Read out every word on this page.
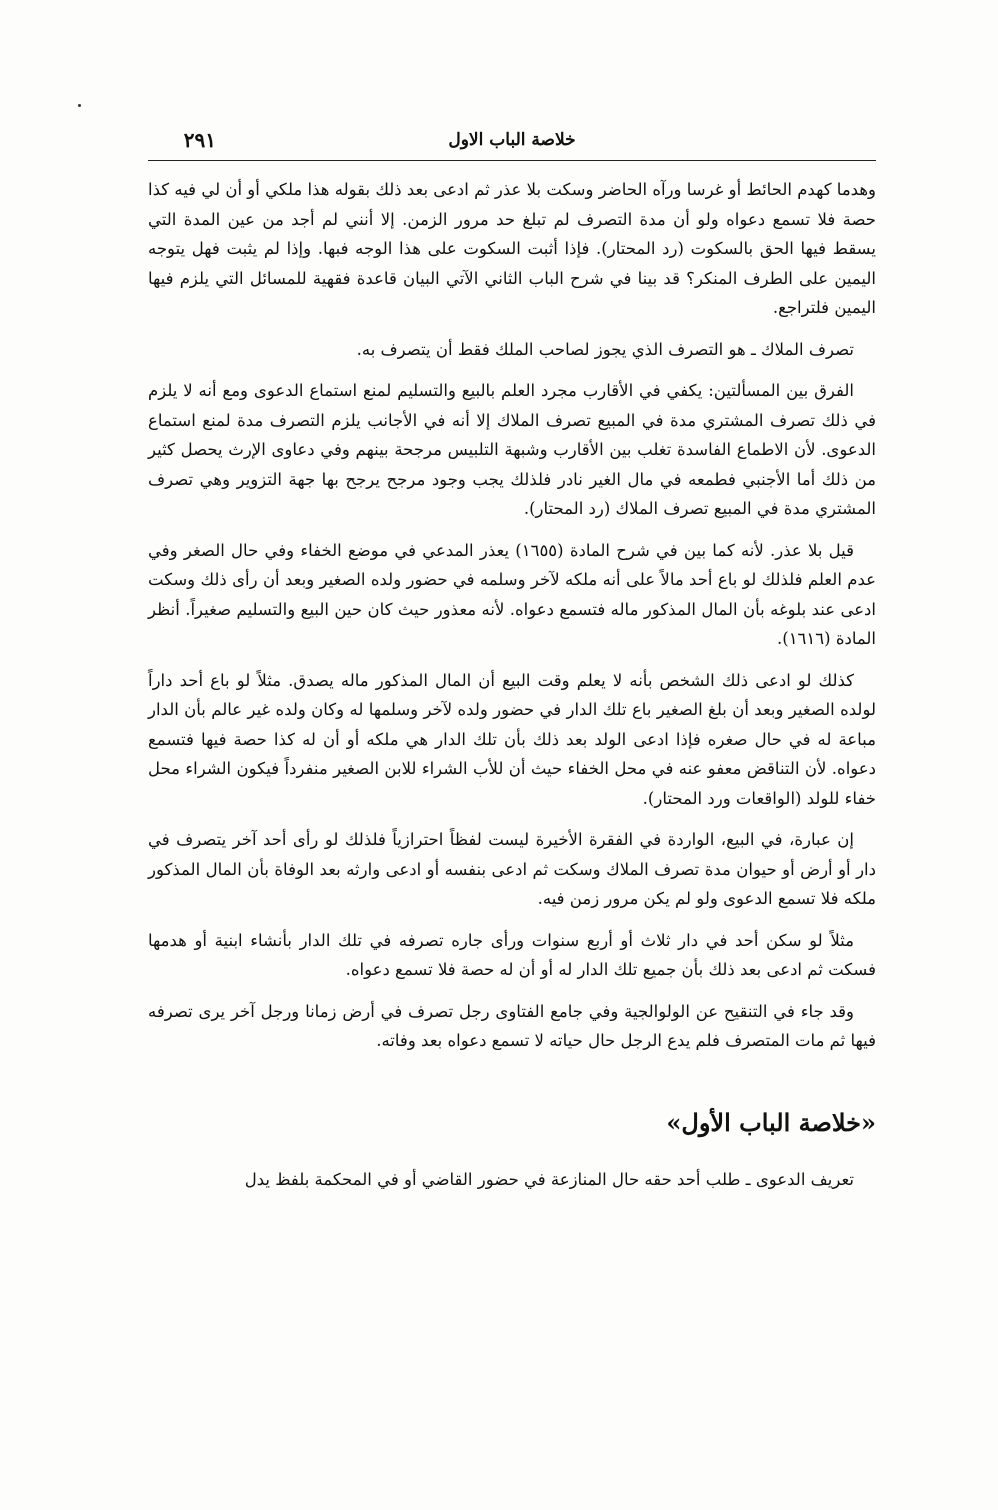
خلاصة الباب الاول
٢٩١

وهدما كهدم الحائط أو غرسا ورآه الحاضر وسكت بلا عذر ثم ادعى بعد ذلك بقوله هذا ملكي أو أن لي فيه كذا حصة فلا تسمع دعواه ولو أن مدة التصرف لم تبلغ حد مرور الزمن. إلا أنني لم أجد من عين المدة التي يسقط فيها الحق بالسكوت (رد المحتار). فإذا أثبت السكوت على هذا الوجه فبها. وإذا لم يثبت فهل يتوجه اليمين على الطرف المنكر؟ قد بينا في شرح الباب الثاني الآتي البيان قاعدة فقهية للمسائل التي يلزم فيها اليمين فلتراجع.

تصرف الملاك ـ هو التصرف الذي يجوز لصاحب الملك فقط أن يتصرف به.

الفرق بين المسألتين: يكفي في الأقارب مجرد العلم بالبيع والتسليم لمنع استماع الدعوى ومع أنه لا يلزم في ذلك تصرف المشتري مدة في المبيع تصرف الملاك إلا أنه في الأجانب يلزم التصرف مدة لمنع استماع الدعوى. لأن الاطماع الفاسدة تغلب بين الأقارب وشبهة التلبيس مرجحة بينهم وفي دعاوى الإرث يحصل كثير من ذلك أما الأجنبي فطمعه في مال الغير نادر فلذلك يجب وجود مرجح يرجح بها جهة التزوير وهي تصرف المشتري مدة في المبيع تصرف الملاك (رد المحتار).

قيل بلا عذر. لأنه كما بين في شرح المادة (١٦٥٥) يعذر المدعي في موضع الخفاء وفي حال الصغر وفي عدم العلم فلذلك لو باع أحد مالاً على أنه ملكه لآخر وسلمه في حضور ولده الصغير وبعد أن رأى ذلك وسكت ادعى عند بلوغه بأن المال المذكور ماله فتسمع دعواه. لأنه معذور حيث كان حين البيع والتسليم صغيراً. أنظر المادة (١٦١٦).

كذلك لو ادعى ذلك الشخص بأنه لا يعلم وقت البيع أن المال المذكور ماله يصدق. مثلاً لو باع أحد داراً لولده الصغير وبعد أن بلغ الصغير باع تلك الدار في حضور ولده لآخر وسلمها له وكان ولده غير عالم بأن الدار مباعة له في حال صغره فإذا ادعى الولد بعد ذلك بأن تلك الدار هي ملكه أو أن له كذا حصة فيها فتسمع دعواه. لأن التناقض معفو عنه في محل الخفاء حيث أن للأب الشراء للابن الصغير منفرداً فيكون الشراء محل خفاء للولد (الواقعات ورد المحتار).

إن عبارة، في البيع، الواردة في الفقرة الأخيرة ليست لفظاً احترازياً فلذلك لو رأى أحد آخر يتصرف في دار أو أرض أو حيوان مدة تصرف الملاك وسكت ثم ادعى بنفسه أو ادعى وارثه بعد الوفاة بأن المال المذكور ملكه فلا تسمع الدعوى ولو لم يكن مرور زمن فيه.

مثلاً لو سكن أحد في دار ثلاث أو أربع سنوات ورأى جاره تصرفه في تلك الدار بأنشاء ابنية أو هدمها فسكت ثم ادعى بعد ذلك بأن جميع تلك الدار له أو أن له حصة فلا تسمع دعواه.

وقد جاء في التنقيح عن الولوالجية وفي جامع الفتاوى رجل تصرف في أرض زمانا ورجل آخر يرى تصرفه فيها ثم مات المتصرف فلم يدع الرجل حال حياته لا تسمع دعواه بعد وفاته.

«خلاصة الباب الأول»

تعريف الدعوى ـ طلب أحد حقه حال المنازعة في حضور القاضي أو في المحكمة بلفظ يدل
